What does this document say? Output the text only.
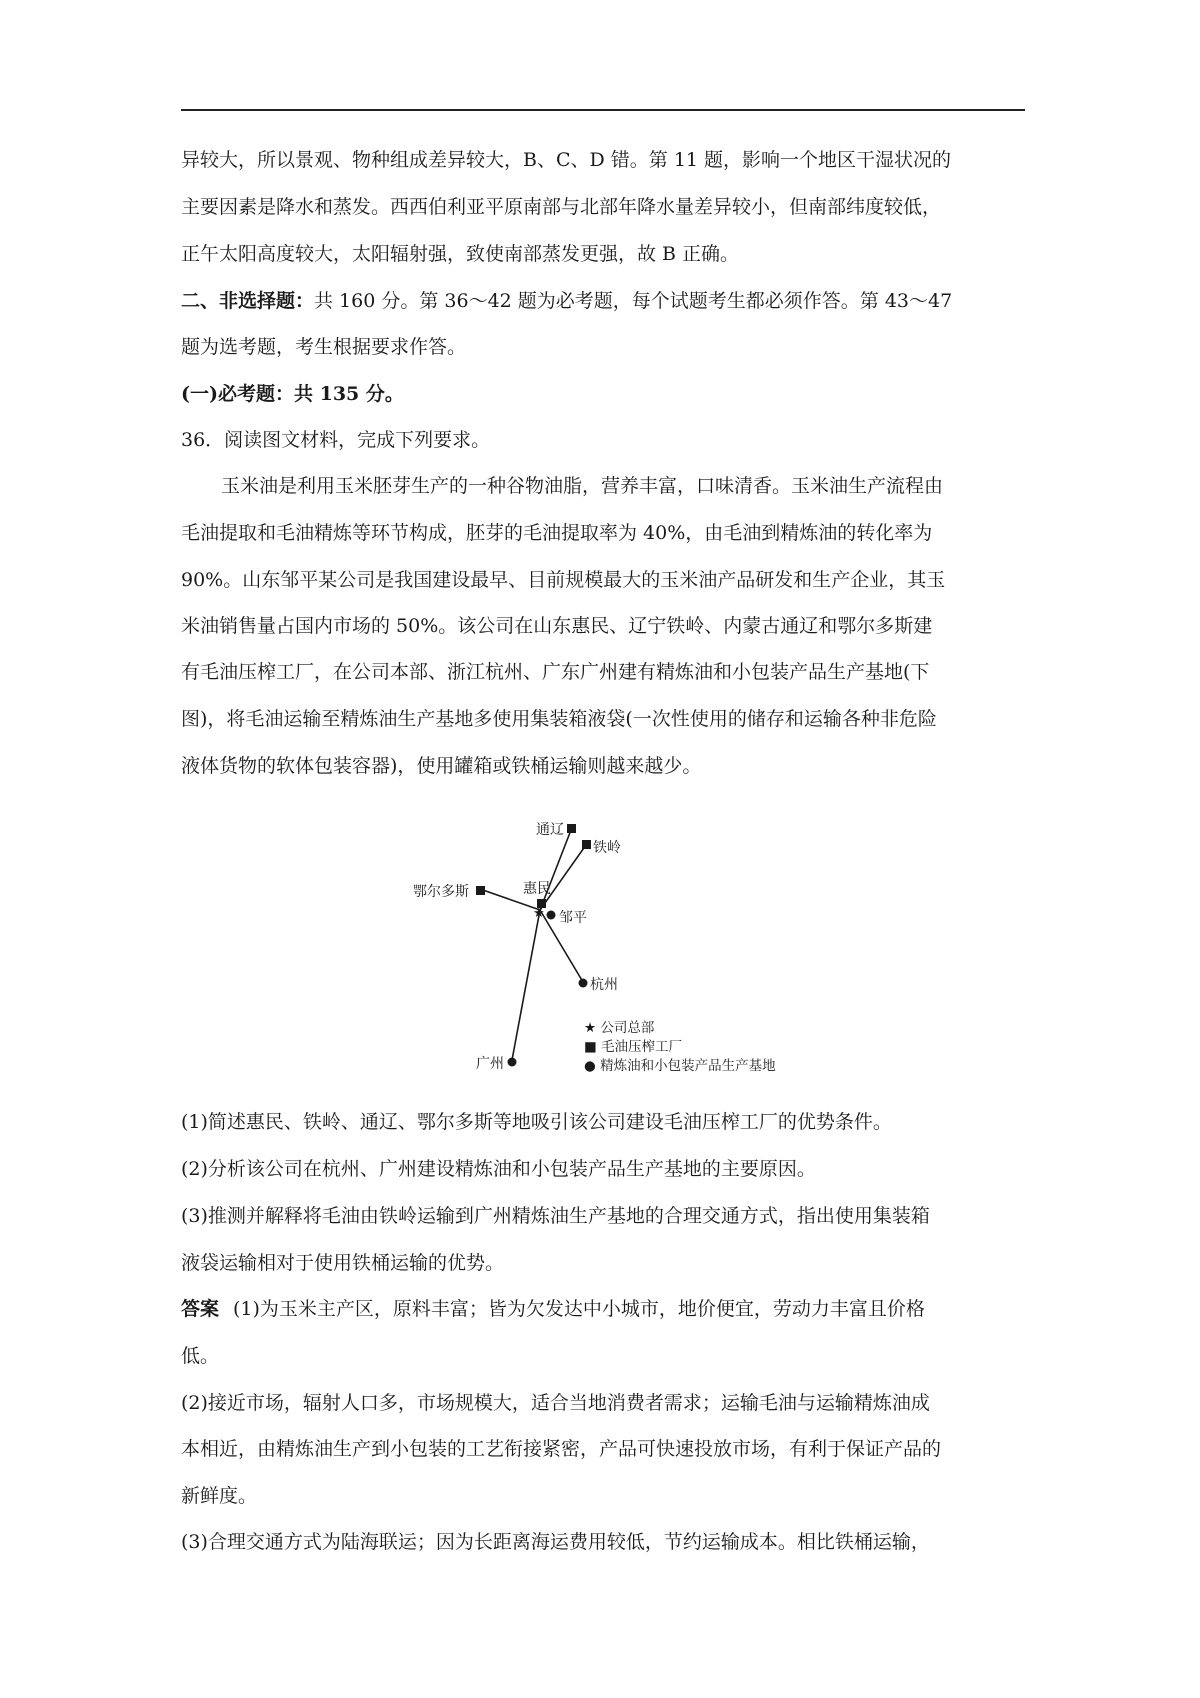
异较大，所以景观、物种组成差异较大，B、C、D 错。第 11 题，影响一个地区干湿状况的
主要因素是降水和蒸发。西西伯利亚平原南部与北部年降水量差异较小，但南部纬度较低，
正午太阳高度较大，太阳辐射强，致使南部蒸发更强，故 B 正确。
二、非选择题：共 160 分。第 36～42 题为必考题，每个试题考生都必须作答。第 43～47
题为选考题，考生根据要求作答。
(一)必考题：共 135 分。
36．阅读图文材料，完成下列要求。
玉米油是利用玉米胚芽生产的一种谷物油脂，营养丰富，口味清香。玉米油生产流程由
毛油提取和毛油精炼等环节构成，胚芽的毛油提取率为 40%，由毛油到精炼油的转化率为
90%。山东邹平某公司是我国建设最早、目前规模最大的玉米油产品研发和生产企业，其玉
米油销售量占国内市场的 50%。该公司在山东惠民、辽宁铁岭、内蒙古通辽和鄂尔多斯建
有毛油压榨工厂，在公司本部、浙江杭州、广东广州建有精炼油和小包装产品生产基地(下
图)，将毛油运输至精炼油生产基地多使用集装箱液袋(一次性使用的储存和运输各种非危险
液体货物的软体包装容器)，使用罐箱或铁桶运输则越来越少。
★
通辽
铁岭
鄂尔多斯	惠民
邹平
杭州
广州
★ 公司总部
■ 毛油压榨工厂
● 精炼油和小包装产品生产基地
(1)简述惠民、铁岭、通辽、鄂尔多斯等地吸引该公司建设毛油压榨工厂的优势条件。
(2)分析该公司在杭州、广州建设精炼油和小包装产品生产基地的主要原因。
(3)推测并解释将毛油由铁岭运输到广州精炼油生产基地的合理交通方式，指出使用集装箱
液袋运输相对于使用铁桶运输的优势。
答案 (1)为玉米主产区，原料丰富；皆为欠发达中小城市，地价便宜，劳动力丰富且价格
低。
(2)接近市场，辐射人口多，市场规模大，适合当地消费者需求；运输毛油与运输精炼油成
本相近，由精炼油生产到小包装的工艺衔接紧密，产品可快速投放市场，有利于保证产品的
新鲜度。
(3)合理交通方式为陆海联运；因为长距离海运费用较低，节约运输成本。相比铁桶运输，
